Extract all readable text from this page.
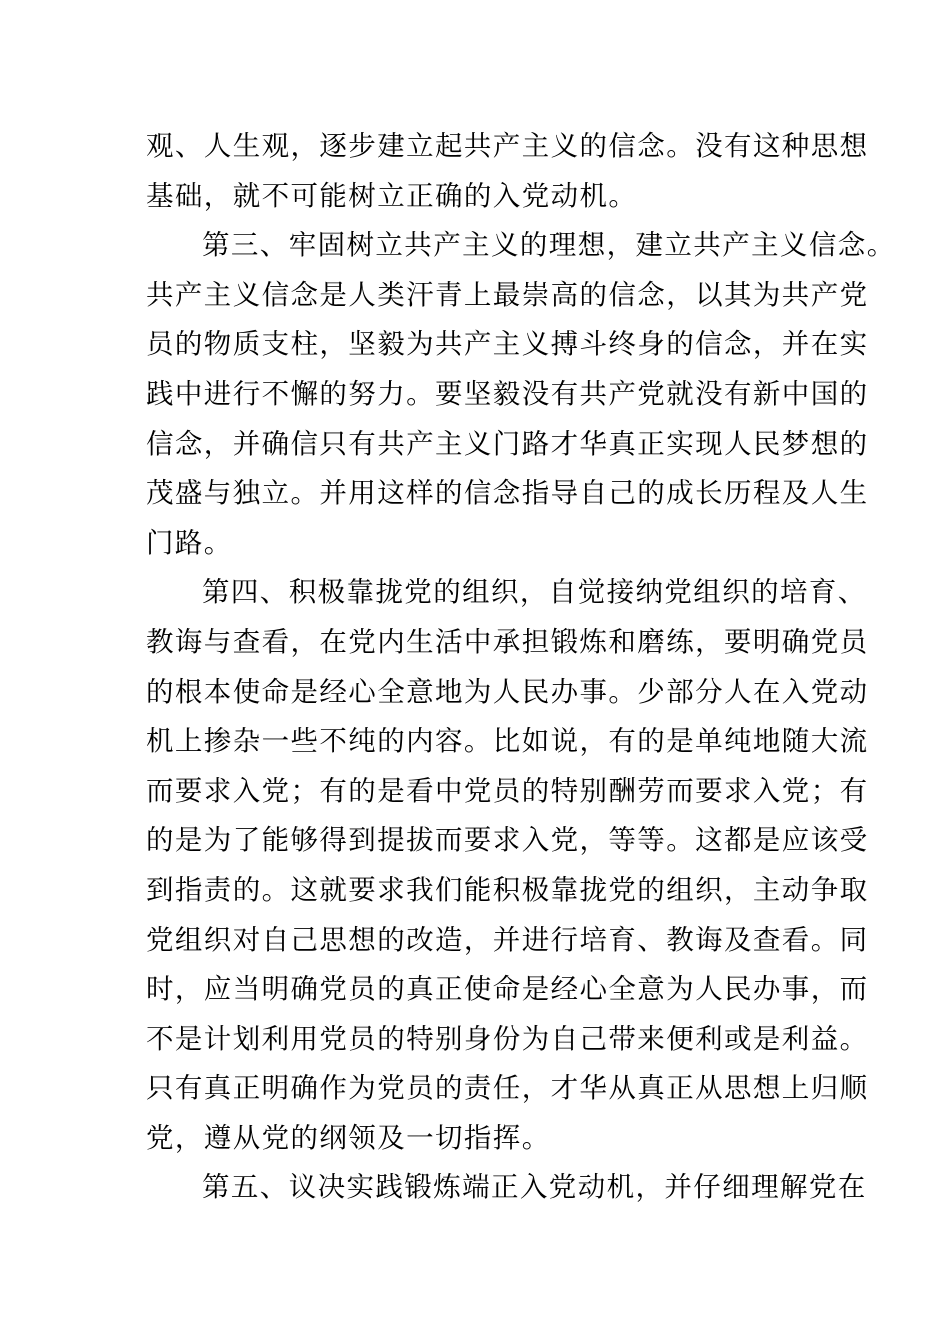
观、人生观，逐步建立起共产主义的信念。没有这种思想
基础，就不可能树立正确的入党动机。
第三、牢固树立共产主义的理想，建立共产主义信念。
共产主义信念是人类汗青上最崇高的信念，以其为共产党
员的物质支柱，坚毅为共产主义搏斗终身的信念，并在实
践中进行不懈的努力。要坚毅没有共产党就没有新中国的
信念，并确信只有共产主义门路才华真正实现人民梦想的
茂盛与独立。并用这样的信念指导自己的成长历程及人生
门路。
第四、积极靠拢党的组织，自觉接纳党组织的培育、
教诲与查看，在党内生活中承担锻炼和磨练，要明确党员
的根本使命是经心全意地为人民办事。少部分人在入党动
机上掺杂一些不纯的内容。比如说，有的是单纯地随大流
而要求入党；有的是看中党员的特别酬劳而要求入党；有
的是为了能够得到提拔而要求入党，等等。这都是应该受
到指责的。这就要求我们能积极靠拢党的组织，主动争取
党组织对自己思想的改造，并进行培育、教诲及查看。同
时，应当明确党员的真正使命是经心全意为人民办事，而
不是计划利用党员的特别身份为自己带来便利或是利益。
只有真正明确作为党员的责任，才华从真正从思想上归顺
党，遵从党的纲领及一切指挥。
第五、议决实践锻炼端正入党动机，并仔细理解党在
